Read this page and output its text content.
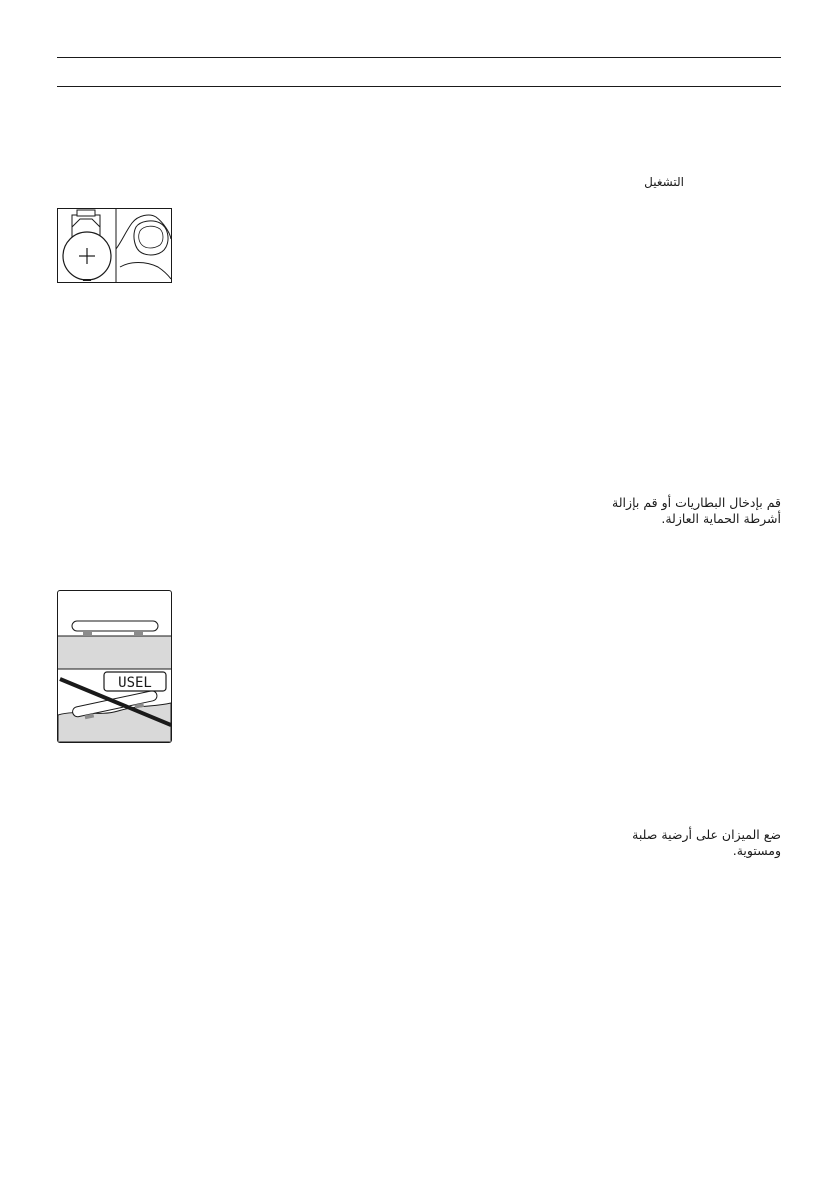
التشغيل
قم بإدخال البطاريات أو قم بإزالة
أشرطة الحماية العازلة.
USEL
ضع الميزان على أرضية صلبة
ومستوية.
